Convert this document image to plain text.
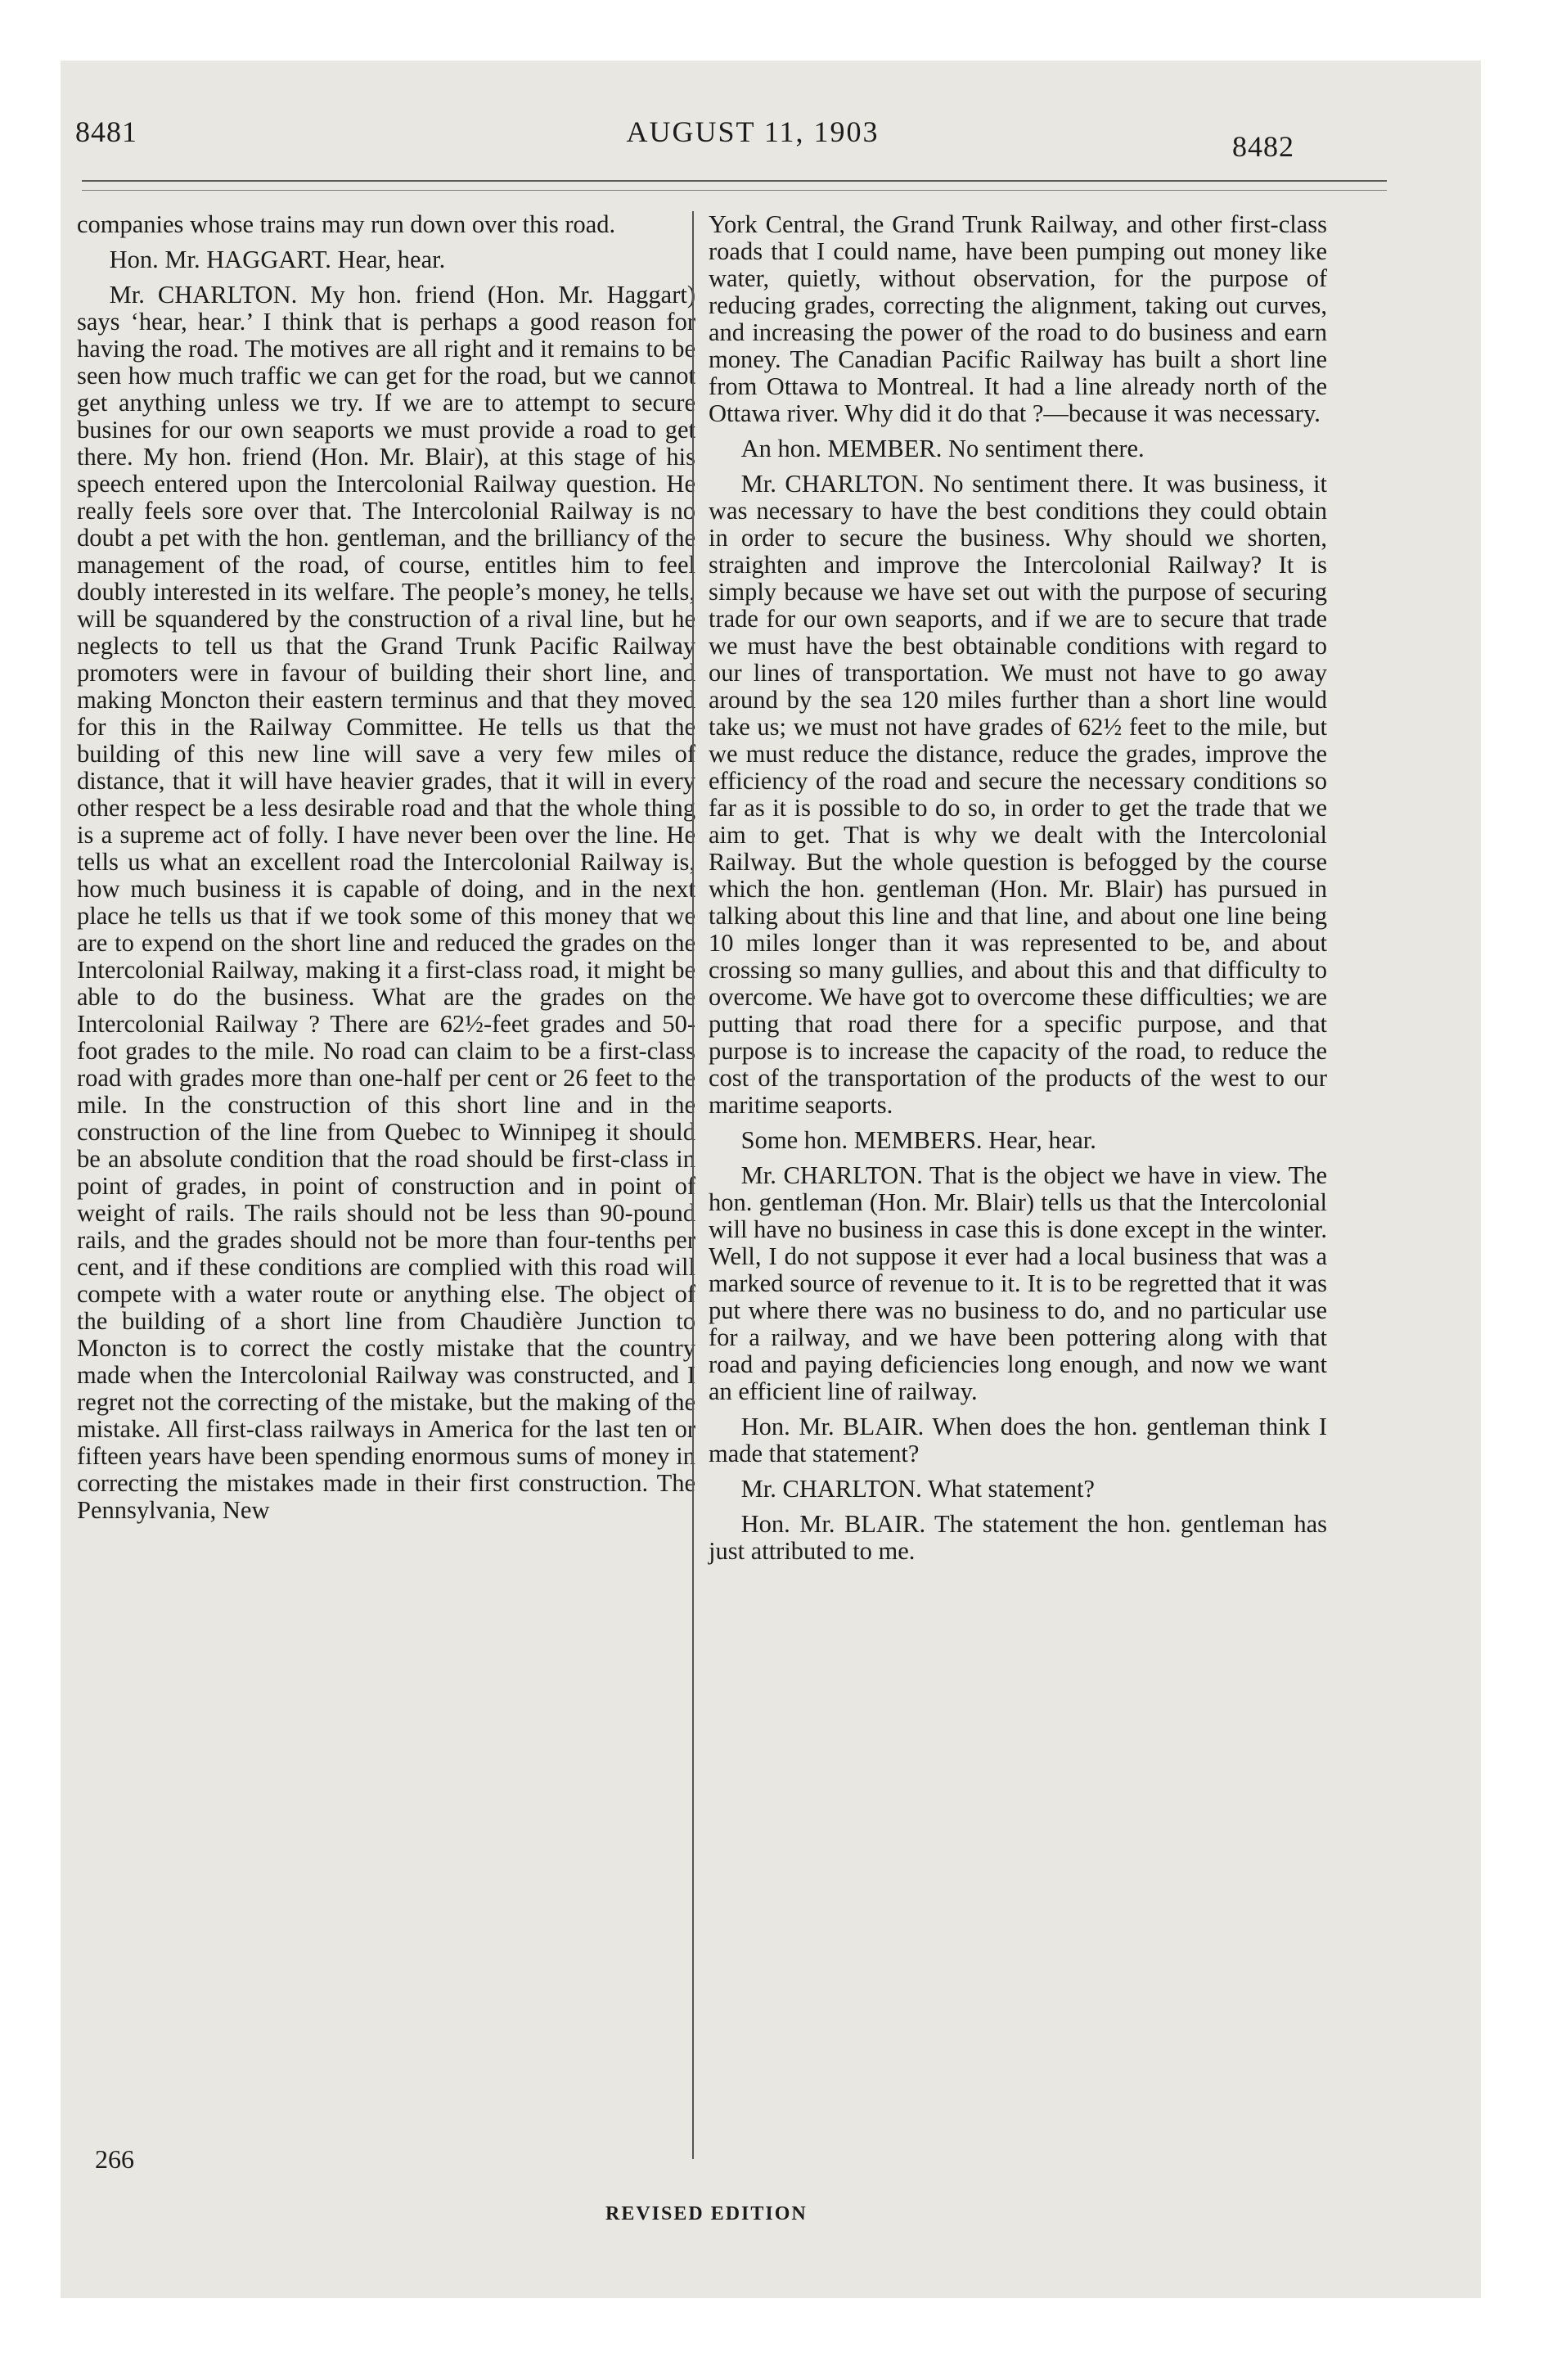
8481	AUGUST 11, 1903	8482

companies whose trains may run down over this road.

Hon. Mr. HAGGART. Hear, hear.

Mr. CHARLTON. My hon. friend (Hon. Mr. Haggart) says ‘hear, hear.’ I think that is perhaps a good reason for having the road. The motives are all right and it remains to be seen how much traffic we can get for the road, but we cannot get anything unless we try. If we are to attempt to secure busines for our own seaports we must provide a road to get there. My hon. friend (Hon. Mr. Blair), at this stage of his speech entered upon the Intercolonial Railway question. He really feels sore over that. The Intercolonial Railway is no doubt a pet with the hon. gentleman, and the brilliancy of the management of the road, of course, entitles him to feel doubly interested in its welfare. The people’s money, he tells, will be squandered by the construction of a rival line, but he neglects to tell us that the Grand Trunk Pacific Railway promoters were in favour of building their short line, and making Moncton their eastern terminus and that they moved for this in the Railway Committee. He tells us that the building of this new line will save a very few miles of distance, that it will have heavier grades, that it will in every other respect be a less desirable road and that the whole thing is a supreme act of folly. I have never been over the line. He tells us what an excellent road the Intercolonial Railway is, how much business it is capable of doing, and in the next place he tells us that if we took some of this money that we are to expend on the short line and reduced the grades on the Intercolonial Railway, making it a first-class road, it might be able to do the business. What are the grades on the Intercolonial Railway ? There are 62½-feet grades and 50-foot grades to the mile. No road can claim to be a first-class road with grades more than one-half per cent or 26 feet to the mile. In the construction of this short line and in the construction of the line from Quebec to Winnipeg it should be an absolute condition that the road should be first-class in point of grades, in point of construction and in point of weight of rails. The rails should not be less than 90-pound rails, and the grades should not be more than four-tenths per cent, and if these conditions are complied with this road will compete with a water route or anything else. The object of the building of a short line from Chaudière Junction to Moncton is to correct the costly mistake that the country made when the Intercolonial Railway was constructed, and I regret not the correcting of the mistake, but the making of the mistake. All first-class railways in America for the last ten or fifteen years have been spending enormous sums of money in correcting the mistakes made in their first construction. The Pennsylvania, New

York Central, the Grand Trunk Railway, and other first-class roads that I could name, have been pumping out money like water, quietly, without observation, for the purpose of reducing grades, correcting the alignment, taking out curves, and increasing the power of the road to do business and earn money. The Canadian Pacific Railway has built a short line from Ottawa to Montreal. It had a line already north of the Ottawa river. Why did it do that ?—because it was necessary.

An hon. MEMBER. No sentiment there.

Mr. CHARLTON. No sentiment there. It was business, it was necessary to have the best conditions they could obtain in order to secure the business. Why should we shorten, straighten and improve the Intercolonial Railway? It is simply because we have set out with the purpose of securing trade for our own seaports, and if we are to secure that trade we must have the best obtainable conditions with regard to our lines of transportation. We must not have to go away around by the sea 120 miles further than a short line would take us; we must not have grades of 62½ feet to the mile, but we must reduce the distance, reduce the grades, improve the efficiency of the road and secure the necessary conditions so far as it is possible to do so, in order to get the trade that we aim to get. That is why we dealt with the Intercolonial Railway. But the whole question is befogged by the course which the hon. gentleman (Hon. Mr. Blair) has pursued in talking about this line and that line, and about one line being 10 miles longer than it was represented to be, and about crossing so many gullies, and about this and that difficulty to overcome. We have got to overcome these difficulties; we are putting that road there for a specific purpose, and that purpose is to increase the capacity of the road, to reduce the cost of the transportation of the products of the west to our maritime seaports.

Some hon. MEMBERS. Hear, hear.

Mr. CHARLTON. That is the object we have in view. The hon. gentleman (Hon. Mr. Blair) tells us that the Intercolonial will have no business in case this is done except in the winter. Well, I do not suppose it ever had a local business that was a marked source of revenue to it. It is to be regretted that it was put where there was no business to do, and no particular use for a railway, and we have been pottering along with that road and paying deficiencies long enough, and now we want an efficient line of railway.

Hon. Mr. BLAIR. When does the hon. gentleman think I made that statement?

Mr. CHARLTON. What statement?

Hon. Mr. BLAIR. The statement the hon. gentleman has just attributed to me.

266
REVISED EDITION
